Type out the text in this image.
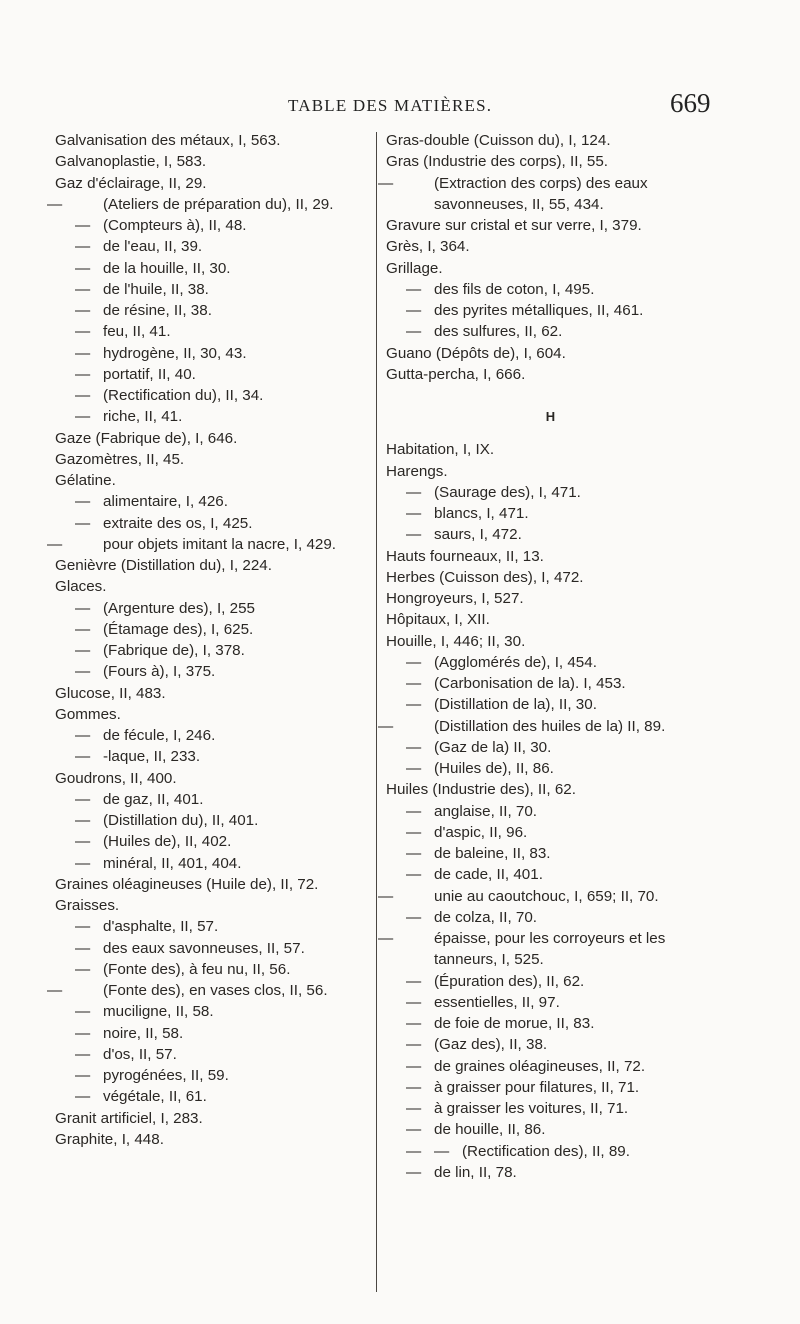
TABLE DES MATIÈRES.	669
Galvanisation des métaux, I, 563.
Galvanoplastie, I, 583.
Gaz d'éclairage, II, 29.
—	(Ateliers de préparation du), II, 29.
— (Compteurs à), II, 48.
— de l'eau, II, 39.
— de la houille, II, 30.
— de l'huile, II, 38.
— de résine, II, 38.
— feu, II, 41.
— hydrogène, II, 30, 43.
— portatif, II, 40.
— (Rectification du), II, 34.
— riche, II, 41.
Gaze (Fabrique de), I, 646.
Gazomètres, II, 45.
Gélatine.
— alimentaire, I, 426.
— extraite des os, I, 425.
—	pour objets imitant la nacre, I, 429.
Genièvre (Distillation du), I, 224.
Glaces.
— (Argenture des), I, 255
— (Étamage des), I, 625.
— (Fabrique de), I, 378.
— (Fours à), I, 375.
Glucose, II, 483.
Gommes.
— de fécule, I, 246.
— -laque, II, 233.
Goudrons, II, 400.
— de gaz, II, 401.
— (Distillation du), II, 401.
— (Huiles de), II, 402.
— minéral, II, 401, 404.
Graines oléagineuses (Huile de), II, 72.
Graisses.
— d'asphalte, II, 57.
— des eaux savonneuses, II, 57.
— (Fonte des), à feu nu, II, 56.
—	(Fonte des), en vases clos, II, 56.
— muciligne, II, 58.
— noire, II, 58.
— d'os, II, 57.
— pyrogénées, II, 59.
— végétale, II, 61.
Granit artificiel, I, 283.
Graphite, I, 448.
Gras-double (Cuisson du), I, 124.
Gras (Industrie des corps), II, 55.
—	(Extraction des corps) des eaux savonneuses, II, 55, 434.
Gravure sur cristal et sur verre, I, 379.
Grès, I, 364.
Grillage.
— des fils de coton, I, 495.
— des pyrites métalliques, II, 461.
— des sulfures, II, 62.
Guano (Dépôts de), I, 604.
Gutta-percha, I, 666.
H
Habitation, I, IX.
Harengs.
— (Saurage des), I, 471.
— blancs, I, 471.
— saurs, I, 472.
Hauts fourneaux, II, 13.
Herbes (Cuisson des), I, 472.
Hongroyeurs, I, 527.
Hôpitaux, I, XII.
Houille, I, 446; II, 30.
— (Agglomérés de), I, 454.
— (Carbonisation de la). I, 453.
— (Distillation de la), II, 30.
—	(Distillation des huiles de la) II, 89.
— (Gaz de la) II, 30.
— (Huiles de), II, 86.
Huiles (Industrie des), II, 62.
— anglaise, II, 70.
— d'aspic, II, 96.
— de baleine, II, 83.
— de cade, II, 401.
—	unie au caoutchouc, I, 659; II, 70.
— de colza, II, 70.
—	épaisse, pour les corroyeurs et les tanneurs, I, 525.
— (Épuration des), II, 62.
— essentielles, II, 97.
— de foie de morue, II, 83.
— (Gaz des), II, 38.
— de graines oléagineuses, II, 72.
— à graisser pour filatures, II, 71.
— à graisser les voitures, II, 71.
— de houille, II, 86.
— — (Rectification des), II, 89.
— de lin, II, 78.
